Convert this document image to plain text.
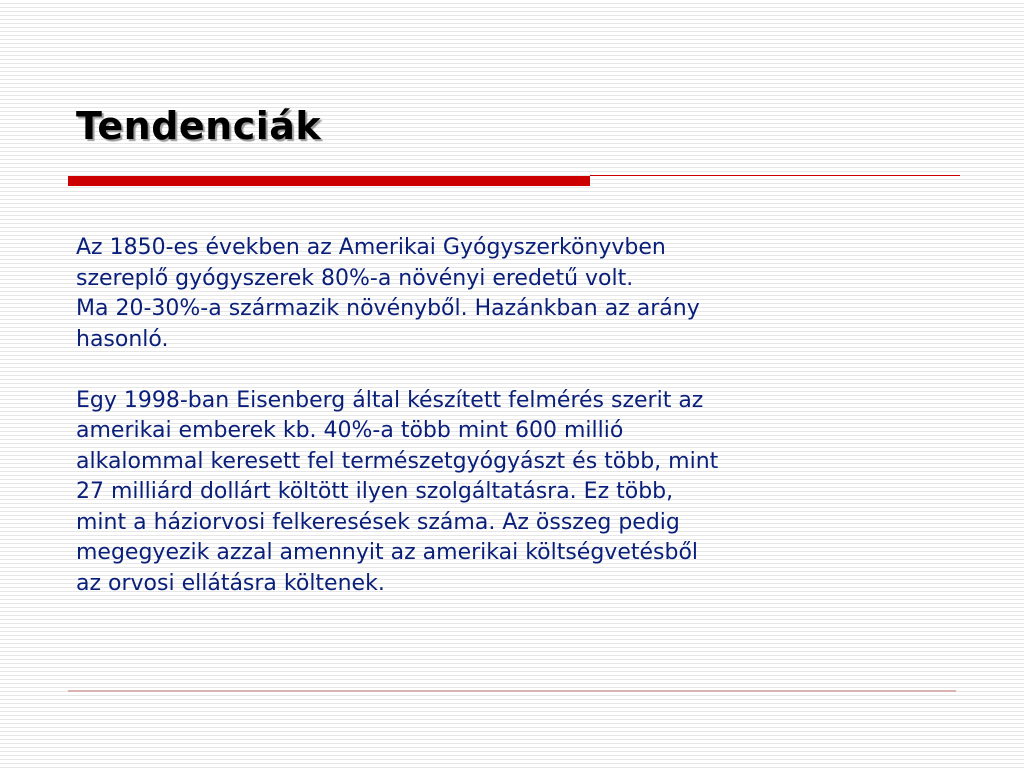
Tendenciák

Az 1850-es években az Amerikai Gyógyszerkönyvben
szereplő gyógyszerek 80%-a növényi eredetű volt.
Ma 20-30%-a származik növényből. Hazánkban az arány
hasonló.

Egy 1998-ban Eisenberg által készített felmérés szerit az
amerikai emberek kb. 40%-a több mint 600 millió
alkalommal keresett fel természetgyógyászt és több, mint
27 milliárd dollárt költött ilyen szolgáltatásra. Ez több,
mint a háziorvosi felkeresések száma. Az összeg pedig
megegyezik azzal amennyit az amerikai költségvetésből
az orvosi ellátásra költenek.
